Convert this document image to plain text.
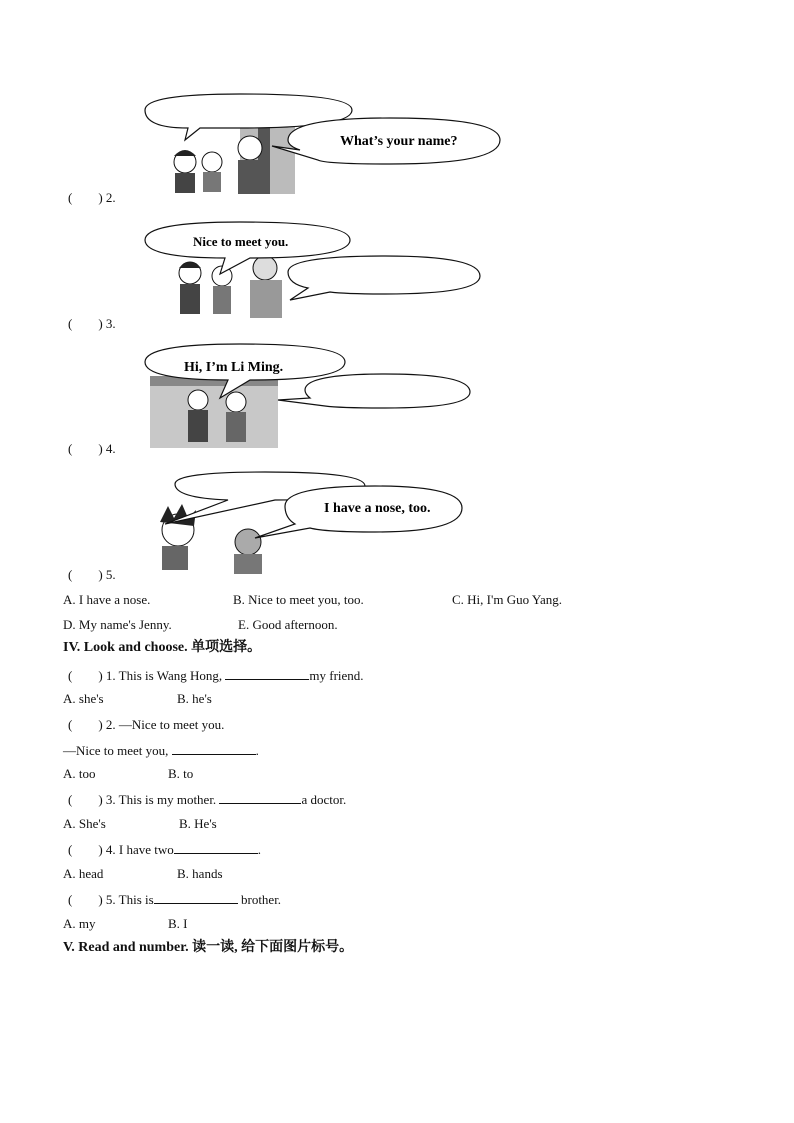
What’s your name?
(　　) 2.
Nice to meet you.
(　　) 3.
Hi, I’m Li Ming.
(　　) 4.
I have a nose, too.
(　　) 5.
A. I have a nose.	B. Nice to meet you, too.	C. Hi, I'm Guo Yang.
D. My name's Jenny.	E. Good afternoon.
IV. Look and choose. 单项选择。
(　　) 1. This is Wang Hong,	my friend.
A. she's	B. he's
(　　) 2. —Nice to meet you.
—Nice to meet you,	.
A. too	B. to
(　　) 3. This is my mother.	a doctor.
A. She's	B. He's
(　　) 4. I have two	.
A. head	B. hands
(　　) 5. This is	brother.
A. my	B. I
V. Read and number. 读一读, 给下面图片标号。
